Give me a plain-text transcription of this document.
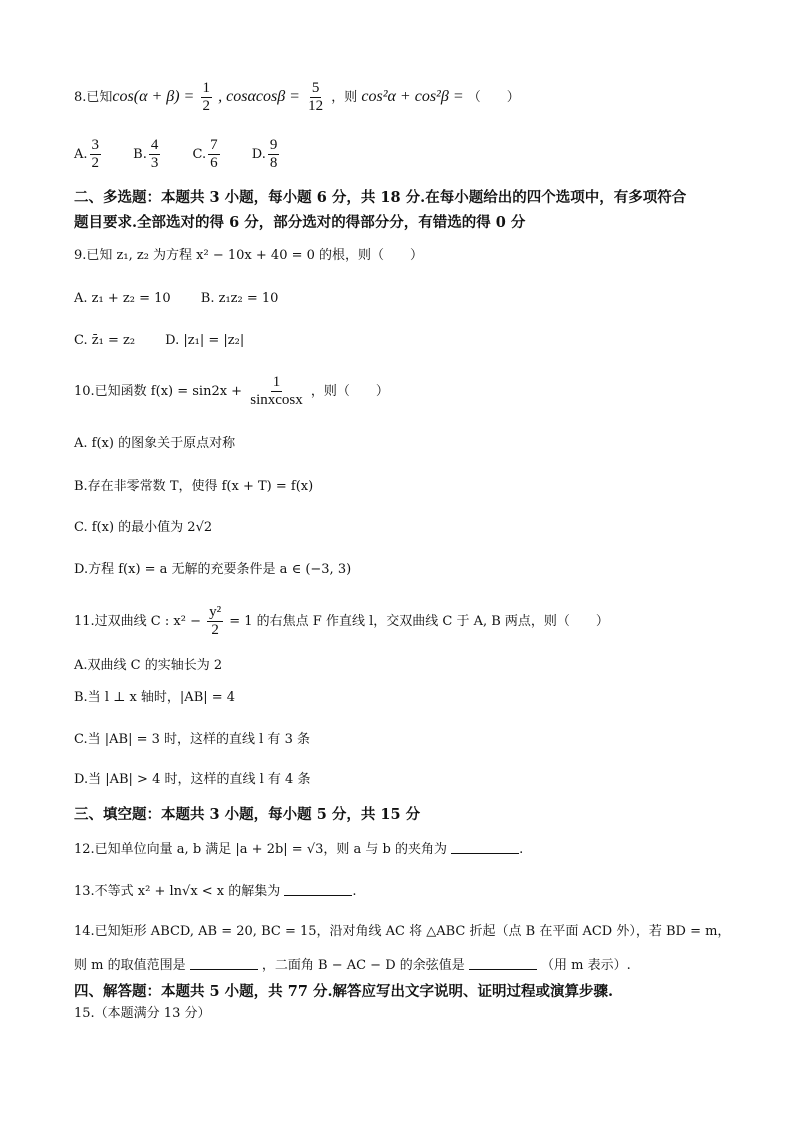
8.已知$\cos(\alpha + \beta) = \frac{1}{2}$ , $\cos\alpha\cos\beta = \frac{5}{12}$ ，则 cos²α + cos²β = （　　）
A. $\frac{3}{2} B$. $\frac{4}{3} C$. $\frac{7}{6} D$. $\frac{9}{8}$
二、多选题：本题共 3 小题，每小题 6 分，共 18 分.在每小题给出的四个选项中，有多项符合
题目要求.全部选对的得 6 分，部分选对的得部分分，有错选的得 0 分
9.已知 z₁, z₂ 为方程 x² − 10x + 40 = 0 的根，则（　　）
A. z₁ + z₂ = 10 B. z₁z₂ = 10
C. z̄₁ = z₂ D. |z₁| = |z₂|
10.已知函数 $f(x) = \sin 2x + \frac{1}{\text{sinxcosx}}$ ，则（　　）
A. f(x) 的图象关于原点对称
B.存在非零常数 T，使得 f(x + T) = f(x)
C. f(x) 的最小值为 2√2
D.方程 f(x) = a 无解的充要条件是 a ∈ (−3, 3)
11.过双曲线 C : $x^2 - \frac{\text{y²}}{2} = 1$ 的右焦点 F 作直线 l，交双曲线 C 于 A, B 两点，则（　　）
A.双曲线 C 的实轴长为 2
B.当 l ⊥ x 轴时，|AB| = 4
C.当 |AB| = 3 时，这样的直线 l 有 3 条
D.当 |AB| > 4 时，这样的直线 l 有 4 条
三、填空题：本题共 3 小题，每小题 5 分，共 15 分
12.已知单位向量 a, b 满足 |a + 2b| = √3，则 a 与 b 的夹角为	.
13.不等式 x² + ln√x < x 的解集为	.
14.已知矩形 ABCD, AB = 20, BC = 15，沿对角线 AC 将 △ABC 折起（点 B 在平面 ACD 外），若 BD = m，
则 m 的取值范围是	，二面角 B − AC − D 的余弦值是	（用 m 表示）.
四、解答题：本题共 5 小题，共 77 分.解答应写出文字说明、证明过程或演算步骤.
15.（本题满分 13 分）
